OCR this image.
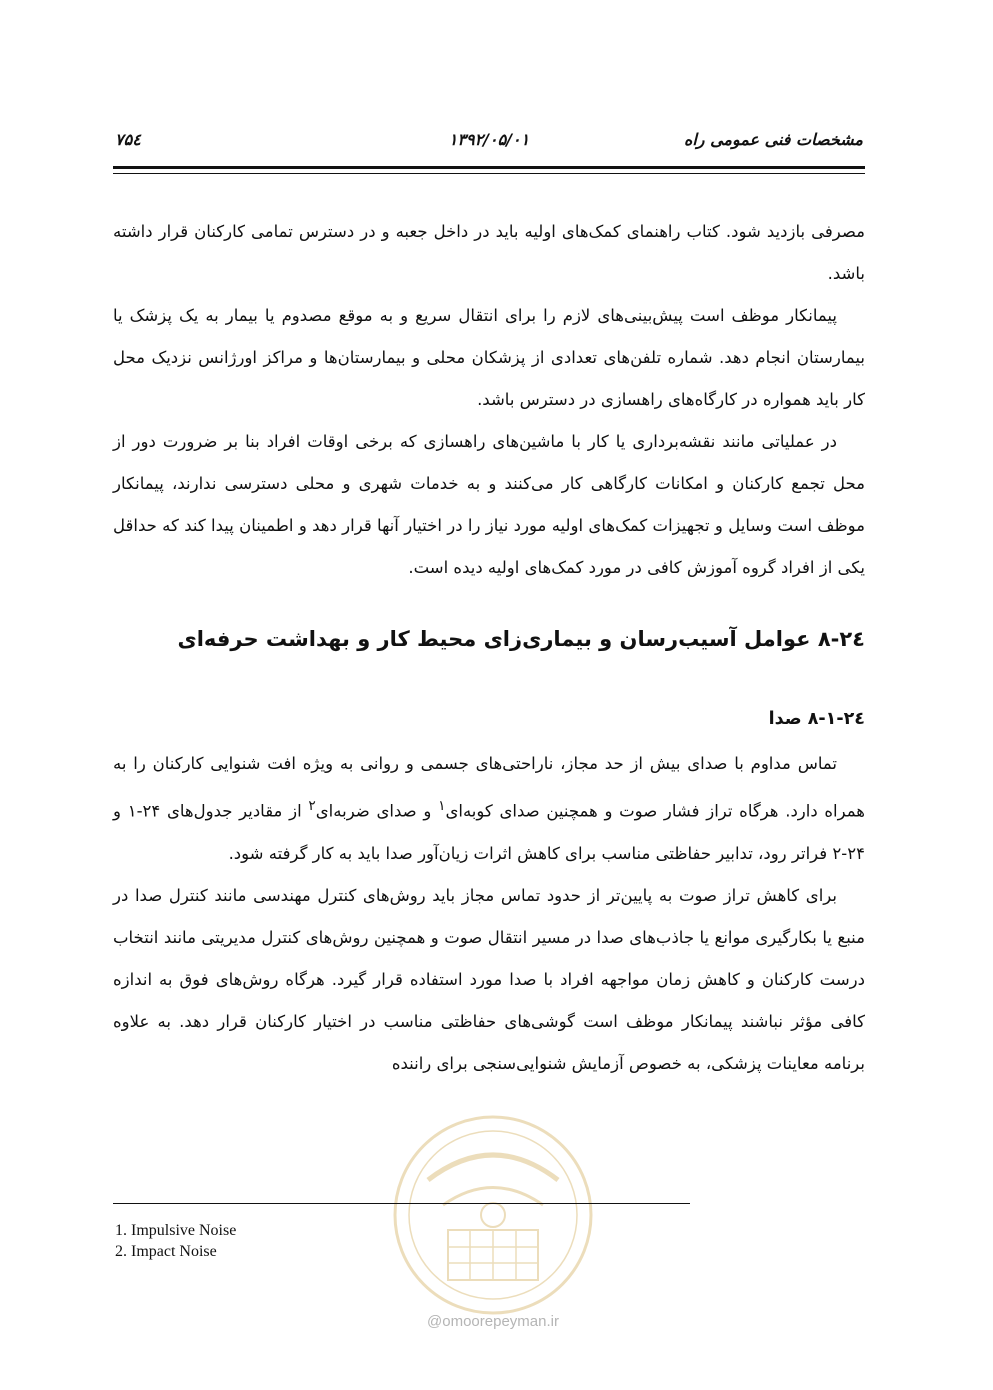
مشخصات فنی عمومی راه
۱۳۹۲/۰۵/۰۱
۷۵٤

مصرفی بازدید شود. کتاب راهنمای کمک‌های اولیه باید در داخل جعبه و در دسترس تمامی کارکنان قرار داشته باشد.

پیمانکار موظف است پیش‌بینی‌های لازم را برای انتقال سریع و به موقع مصدوم یا بیمار به یک پزشک یا بیمارستان انجام دهد. شماره تلفن‌های تعدادی از پزشکان محلی و بیمارستان‌ها و مراکز اورژانس نزدیک محل کار باید همواره در کارگاه‌های راهسازی در دسترس باشد.

در عملیاتی مانند نقشه‌برداری یا کار با ماشین‌های راهسازی که برخی اوقات افراد بنا بر ضرورت دور از محل تجمع کارکنان و امکانات کارگاهی کار می‌کنند و به خدمات شهری و محلی دسترسی ندارند، پیمانکار موظف است وسایل و تجهیزات کمک‌های اولیه مورد نیاز را در اختیار آنها قرار دهد و اطمینان پیدا کند که حداقل یکی از افراد گروه آموزش کافی در مورد کمک‌های اولیه دیده است.

۲٤-۸ عوامل آسیب‌رسان و بیماری‌زای محیط کار و بهداشت حرفه‌ای
۲٤-۸-۱ صدا

تماس مداوم با صدای بیش از حد مجاز، ناراحتی‌های جسمی و روانی به ویژه افت شنوایی کارکنان را به همراه دارد. هرگاه تراز فشار صوت و همچنین صدای کوبه‌ای$^۱$ و صدای ضربه‌ای$^۲$ از مقادیر جدول‌های ۲۴-۱ و ۲۴-۲ فراتر رود، تدابیر حفاظتی مناسب برای کاهش اثرات زیان‌آور صدا باید به کار گرفته شود.

برای کاهش تراز صوت به پایین‌تر از حدود تماس مجاز باید روش‌های کنترل مهندسی مانند کنترل صدا در منبع یا بکارگیری موانع یا جاذب‌های صدا در مسیر انتقال صوت و همچنین روش‌های کنترل مدیریتی مانند انتخاب درست کارکنان و کاهش زمان مواجهه افراد با صدا مورد استفاده قرار گیرد. هرگاه روش‌های فوق به اندازه کافی مؤثر نباشند پیمانکار موظف است گوشی‌های حفاظتی مناسب در اختیار کارکنان قرار دهد. به علاوه برنامه معاینات پزشکی، به خصوص آزمایش شنوایی‌سنجی برای راننده

@omoorepeyman.ir
1. Impulsive Noise
2. Impact Noise
